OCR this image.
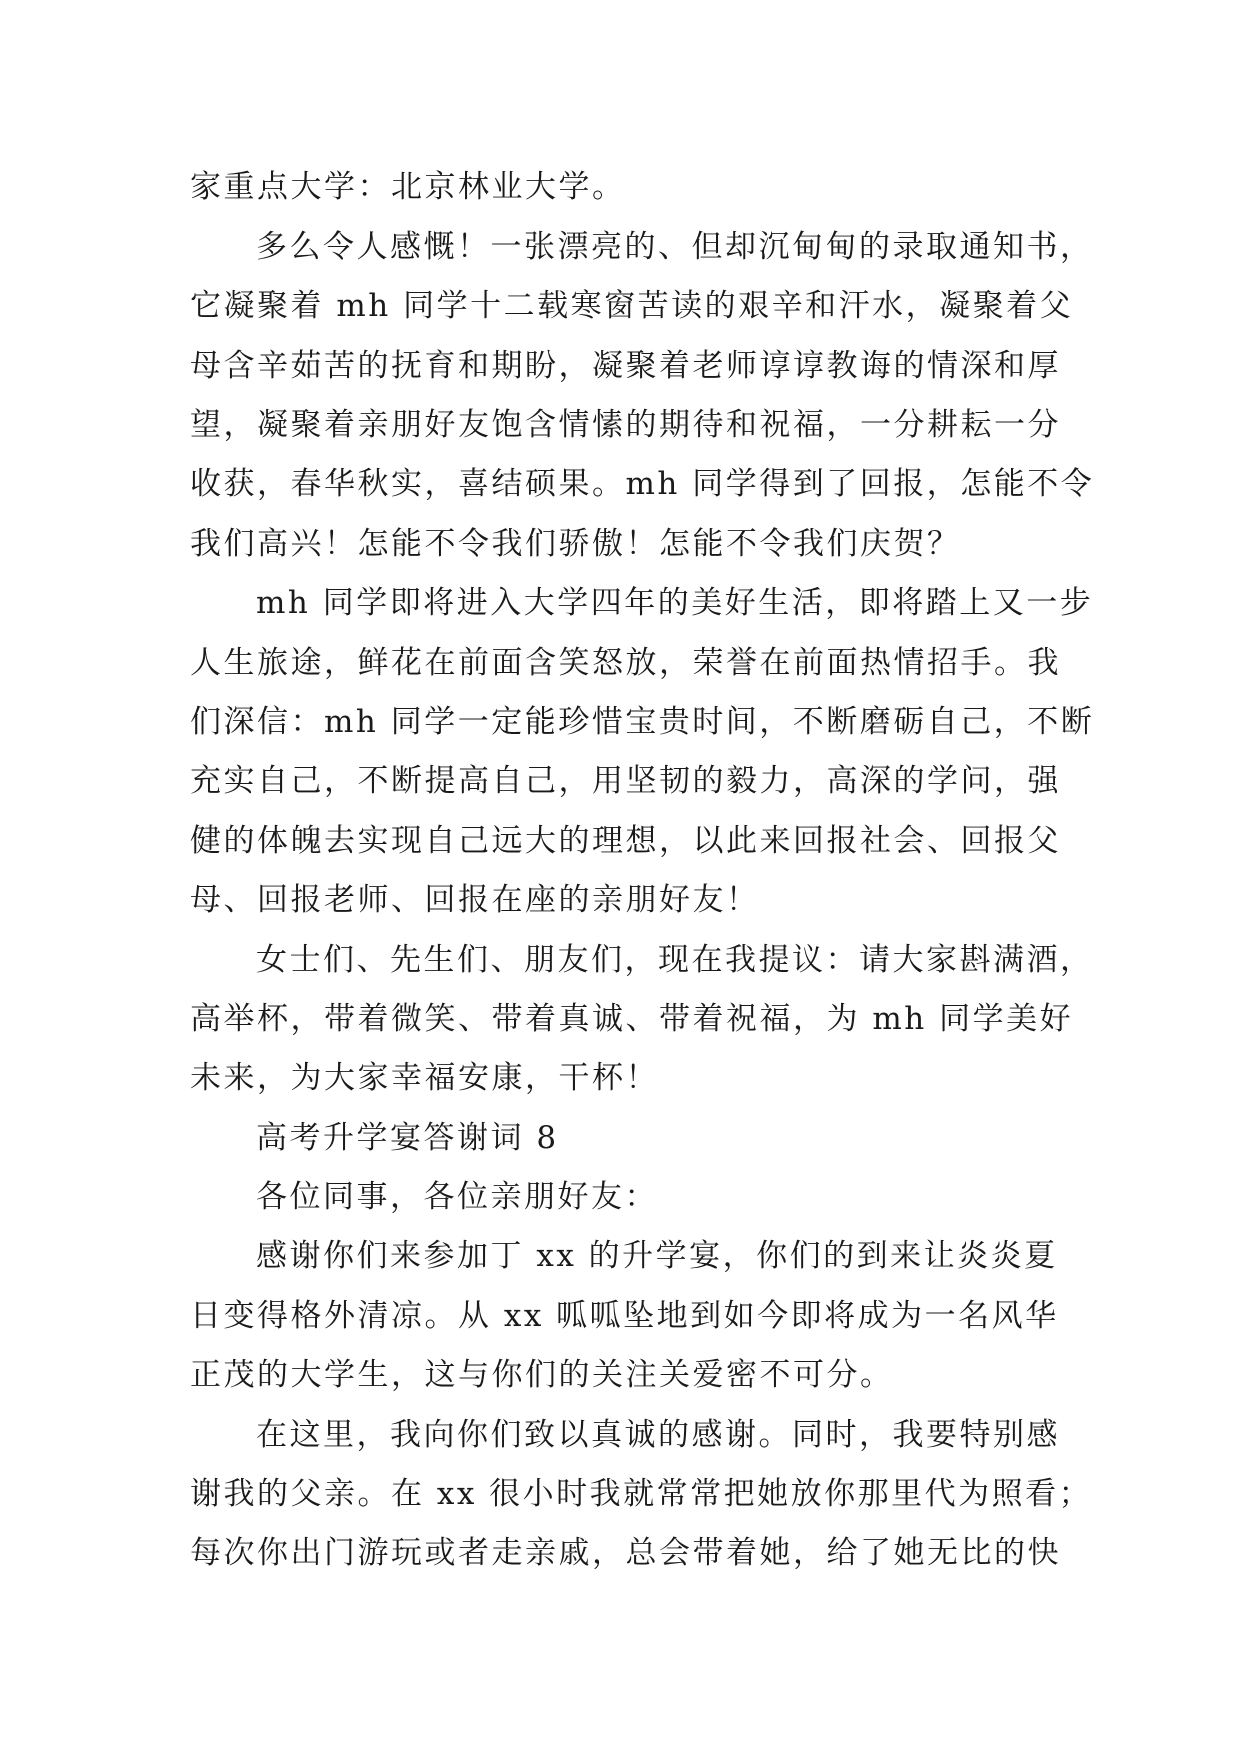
家重点大学：北京林业大学。
多么令人感慨！一张漂亮的、但却沉甸甸的录取通知书，
它凝聚着 mh 同学十二载寒窗苦读的艰辛和汗水，凝聚着父
母含辛茹苦的抚育和期盼，凝聚着老师谆谆教诲的情深和厚
望，凝聚着亲朋好友饱含情愫的期待和祝福，一分耕耘一分
收获，春华秋实，喜结硕果。mh 同学得到了回报，怎能不令
我们高兴！怎能不令我们骄傲！怎能不令我们庆贺？
mh 同学即将进入大学四年的美好生活，即将踏上又一步
人生旅途，鲜花在前面含笑怒放，荣誉在前面热情招手。我
们深信：mh 同学一定能珍惜宝贵时间，不断磨砺自己，不断
充实自己，不断提高自己，用坚韧的毅力，高深的学问，强
健的体魄去实现自己远大的理想，以此来回报社会、回报父
母、回报老师、回报在座的亲朋好友！
女士们、先生们、朋友们，现在我提议：请大家斟满酒，
高举杯，带着微笑、带着真诚、带着祝福，为 mh 同学美好
未来，为大家幸福安康，干杯！
高考升学宴答谢词 8
各位同事，各位亲朋好友：
感谢你们来参加丁 xx 的升学宴，你们的到来让炎炎夏
日变得格外清凉。从 xx 呱呱坠地到如今即将成为一名风华
正茂的大学生，这与你们的关注关爱密不可分。
在这里，我向你们致以真诚的感谢。同时，我要特别感
谢我的父亲。在 xx 很小时我就常常把她放你那里代为照看；
每次你出门游玩或者走亲戚，总会带着她，给了她无比的快
